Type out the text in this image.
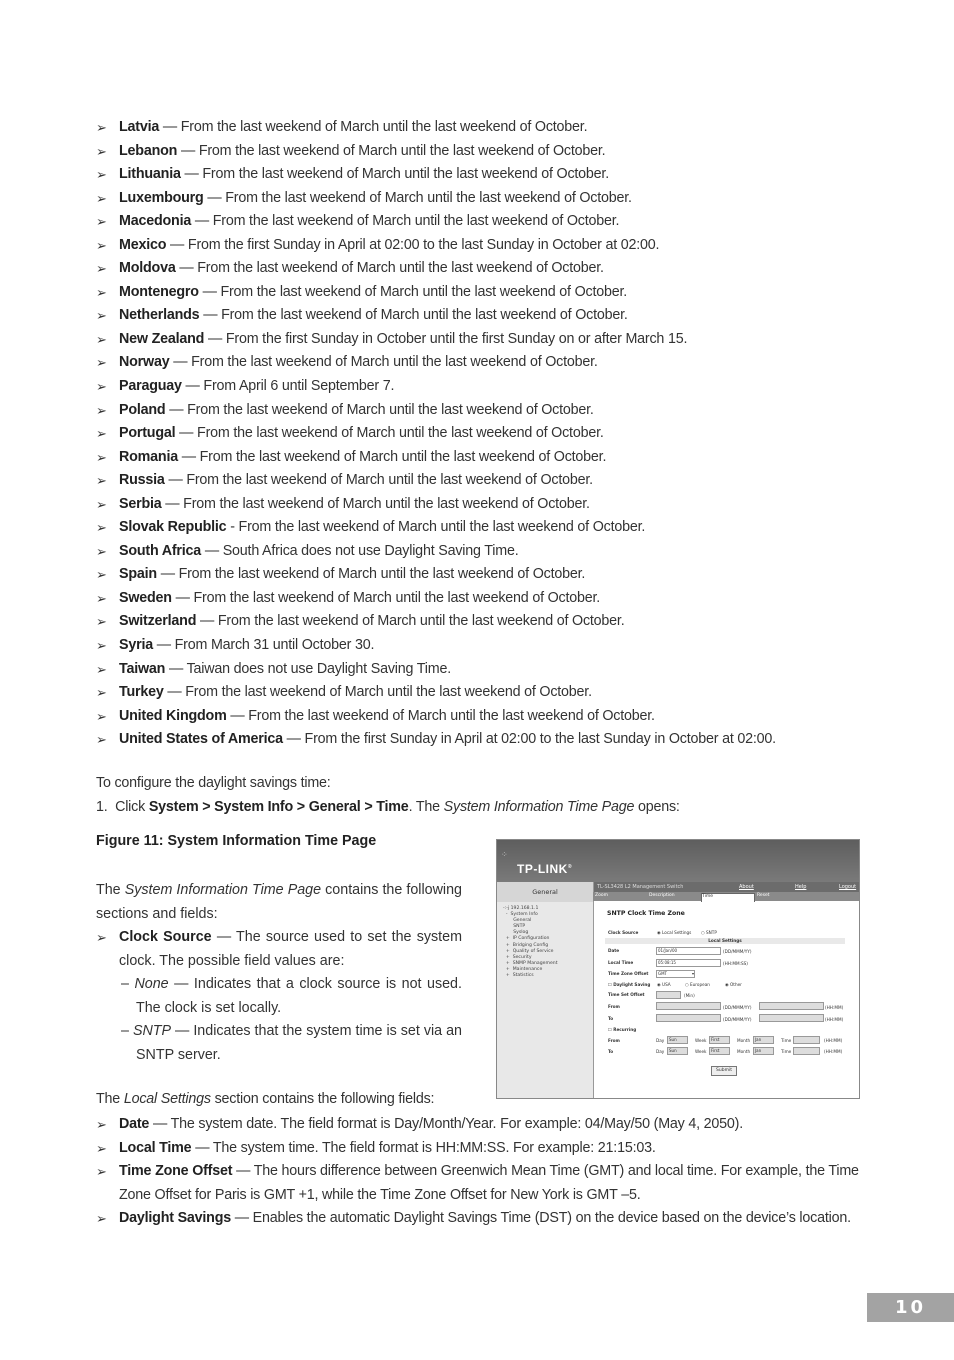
➢ Latvia — From the last weekend of March until the last weekend of October.
➢ Lebanon — From the last weekend of March until the last weekend of October.
➢ Lithuania — From the last weekend of March until the last weekend of October.
➢ Luxembourg — From the last weekend of March until the last weekend of October.
➢ Macedonia — From the last weekend of March until the last weekend of October.
➢ Mexico — From the first Sunday in April at 02:00 to the last Sunday in October at 02:00.
➢ Moldova — From the last weekend of March until the last weekend of October.
➢ Montenegro — From the last weekend of March until the last weekend of October.
➢ Netherlands — From the last weekend of March until the last weekend of October.
➢ New Zealand — From the first Sunday in October until the first Sunday on or after March 15.
➢ Norway — From the last weekend of March until the last weekend of October.
➢ Paraguay — From April 6 until September 7.
➢ Poland — From the last weekend of March until the last weekend of October.
➢ Portugal — From the last weekend of March until the last weekend of October.
➢ Romania — From the last weekend of March until the last weekend of October.
➢ Russia — From the last weekend of March until the last weekend of October.
➢ Serbia — From the last weekend of March until the last weekend of October.
➢ Slovak Republic - From the last weekend of March until the last weekend of October.
➢ South Africa — South Africa does not use Daylight Saving Time.
➢ Spain — From the last weekend of March until the last weekend of October.
➢ Sweden — From the last weekend of March until the last weekend of October.
➢ Switzerland — From the last weekend of March until the last weekend of October.
➢ Syria — From March 31 until October 30.
➢ Taiwan — Taiwan does not use Daylight Saving Time.
➢ Turkey — From the last weekend of March until the last weekend of October.
➢ United Kingdom — From the last weekend of March until the last weekend of October.
➢ United States of America — From the first Sunday in April at 02:00 to the last Sunday in October at 02:00.
To configure the daylight savings time:
1. Click System > System Info > General > Time. The System Information Time Page opens:
Figure 11: System Information Time Page
The System Information Time Page contains the following sections and fields:
➢ Clock Source — The source used to set the system clock. The possible field values are:
– None — Indicates that a clock source is not used. The clock is set locally.
– SNTP — Indicates that the system time is set via an SNTP server.
The Local Settings section contains the following fields:
➢ Date — The system date. The field format is Day/Month/Year. For example: 04/May/50 (May 4, 2050).
➢ Local Time — The system time. The field format is HH:MM:SS. For example: 21:15:03.
➢ Time Zone Offset — The hours difference between Greenwich Mean Time (GMT) and local time. For example, the Time Zone Offset for Paris is GMT +1, while the Time Zone Offset for New York is GMT –5.
➢ Daylight Savings — Enables the automatic Daylight Savings Time (DST) on the device based on the device’s location.
⁘
TP-LINK®
General
TL-SL3428 L2 Management Switch	About	Help	Logout
Zoom	Description	Time	Reset
-:-j 192.168.1.1
-  System Info
General
SNTP
Syslog
+  IP Configuration
+  Bridging Config
+  Quality of Service
+  Security
+  SNMP Management
+  Maintenance
+  Statistics
SNTP Clock Time Zone
Clock Source	◉ Local Settings ○ SNTP
Local Settings
Date	01/Jan/00	(DD/MMM/YY)
Local Time	05:08:15	(HH:MM:SS)
Time Zone Offset	GMT	▾
☐ Daylight Saving ◉ USA	○ European	◉ Other
Time Set Offset	(Min)
From	(DD/MMM/YY)	(HH:MM)
To	(DD/MMM/YY)	(HH:MM)
☐ Recurring
From	Day	Sun	Week	First	Month	Jan	Time	(HH:MM)
To	Day	Sun	Week	First	Month	Jan	Time	(HH:MM)
Submit
10
